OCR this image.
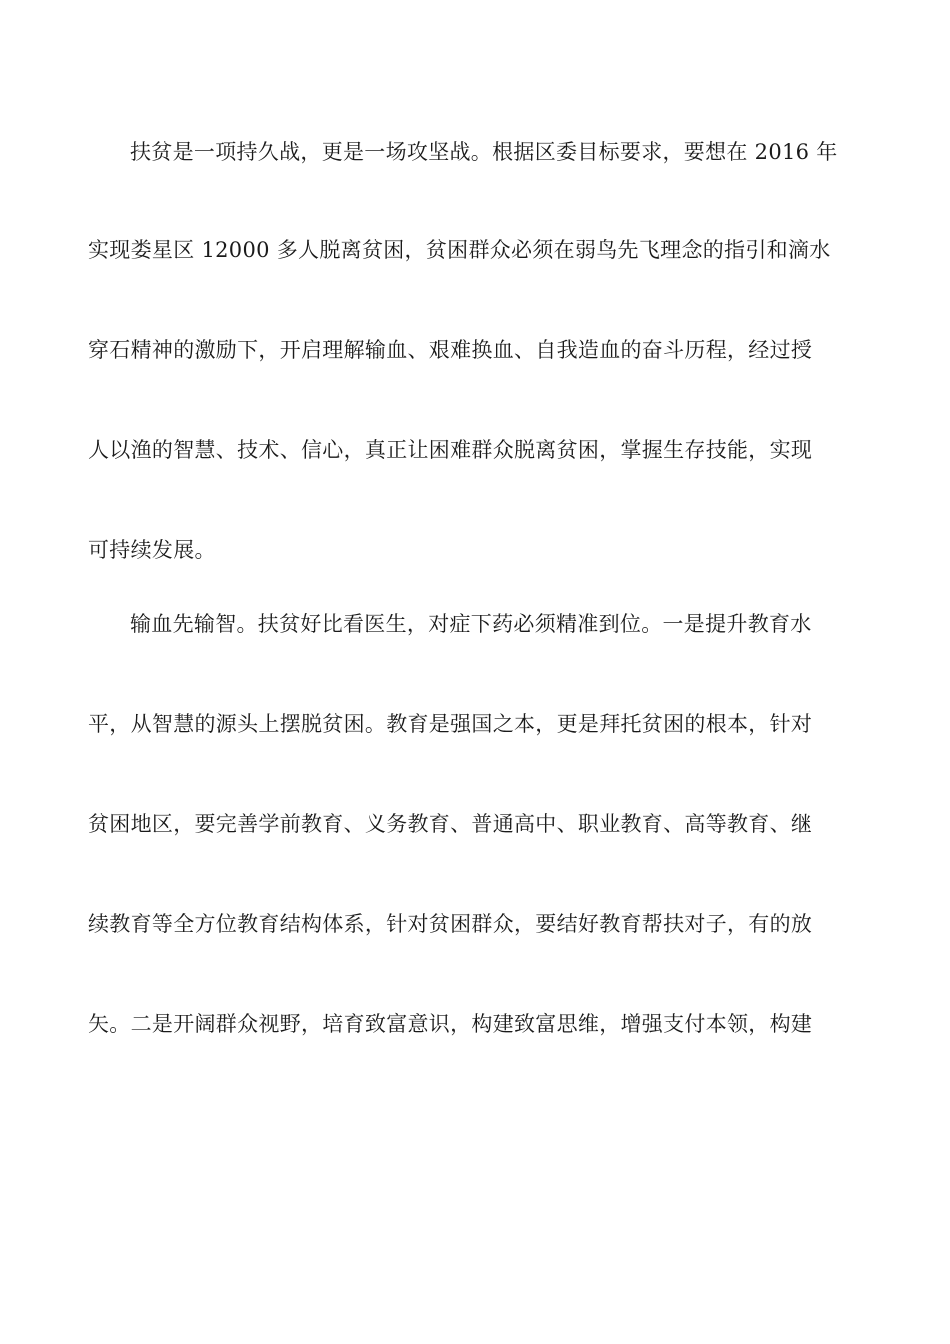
扶贫是一项持久战，更是一场攻坚战。根据区委目标要求，要想在 2016 年
实现娄星区 12000 多人脱离贫困，贫困群众必须在弱鸟先飞理念的指引和滴水
穿石精神的激励下，开启理解输血、艰难换血、自我造血的奋斗历程，经过授
人以渔的智慧、技术、信心，真正让困难群众脱离贫困，掌握生存技能，实现
可持续发展。
输血先输智。扶贫好比看医生，对症下药必须精准到位。一是提升教育水
平，从智慧的源头上摆脱贫困。教育是强国之本，更是拜托贫困的根本，针对
贫困地区，要完善学前教育、义务教育、普通高中、职业教育、高等教育、继
续教育等全方位教育结构体系，针对贫困群众，要结好教育帮扶对子，有的放
矢。二是开阔群众视野，培育致富意识，构建致富思维，增强支付本领，构建
